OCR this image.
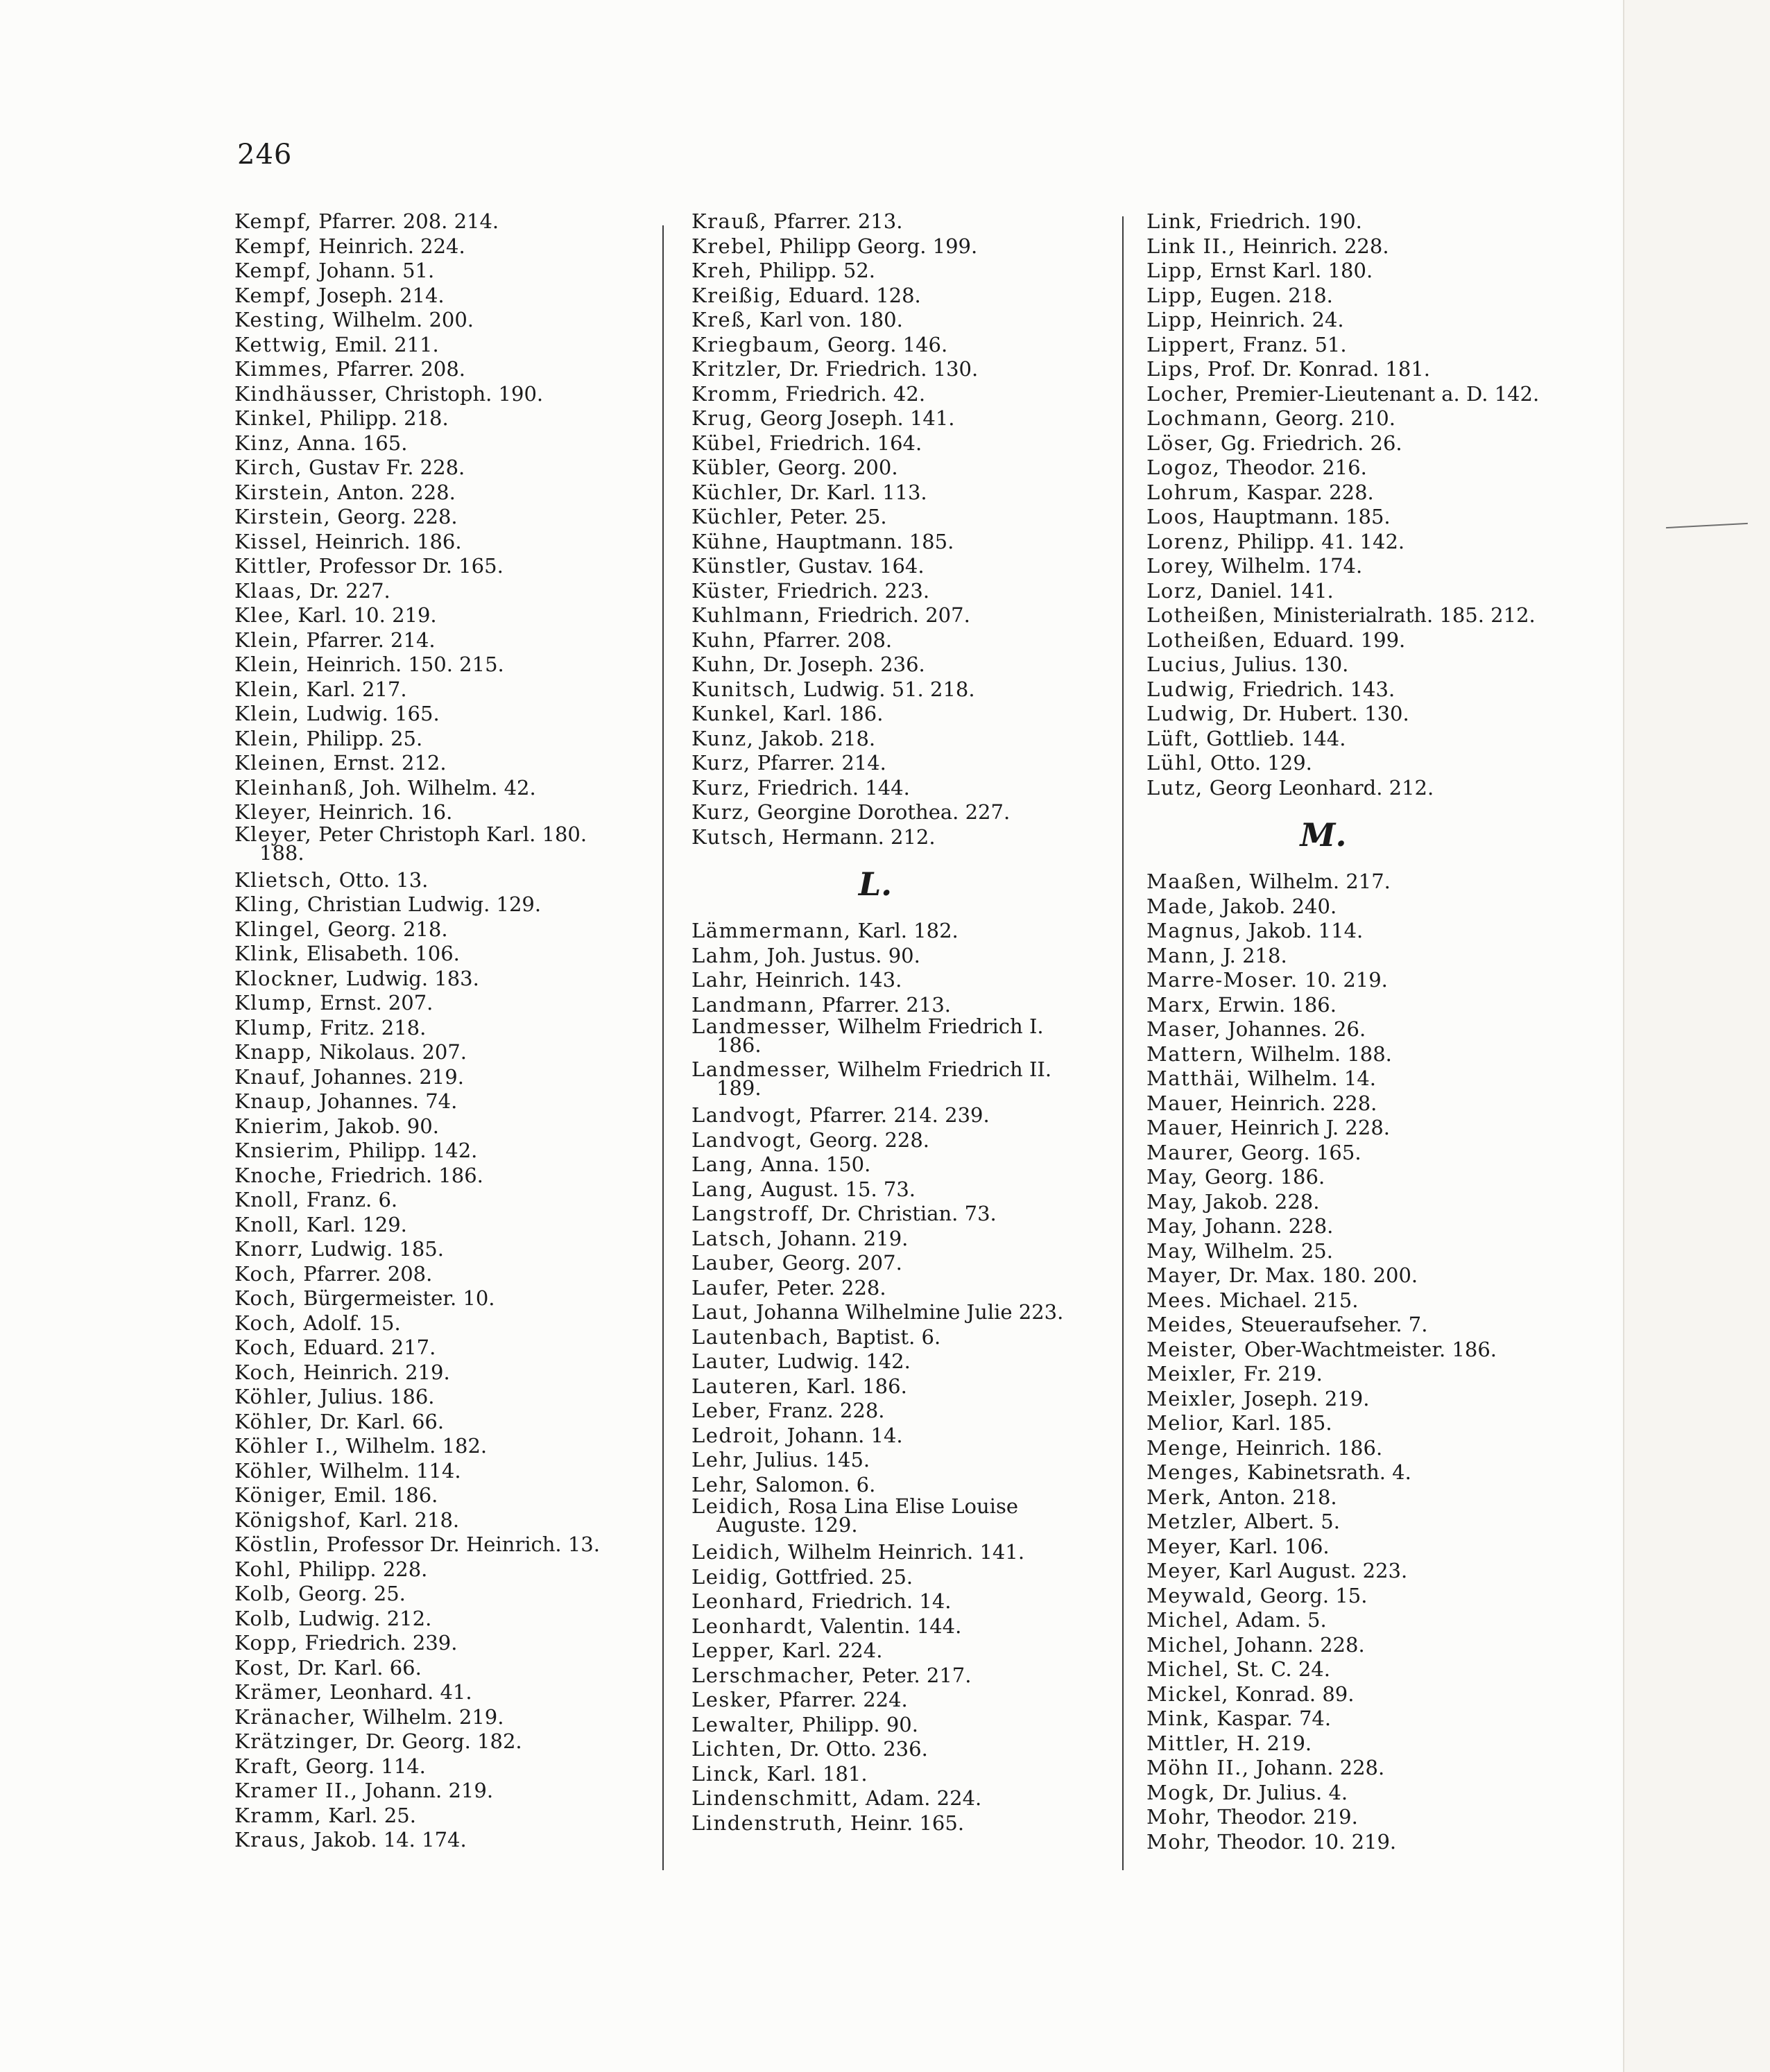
246
Kempf, Pfarrer. 208. 214.
Kempf, Heinrich. 224.
Kempf, Johann. 51.
Kempf, Joseph. 214.
Kesting, Wilhelm. 200.
Kettwig, Emil. 211.
Kimmes, Pfarrer. 208.
Kindhäusser, Christoph. 190.
Kinkel, Philipp. 218.
Kinz, Anna. 165.
Kirch, Gustav Fr. 228.
Kirstein, Anton. 228.
Kirstein, Georg. 228.
Kissel, Heinrich. 186.
Kittler, Professor Dr. 165.
Klaas, Dr. 227.
Klee, Karl. 10. 219.
Klein, Pfarrer. 214.
Klein, Heinrich. 150. 215.
Klein, Karl. 217.
Klein, Ludwig. 165.
Klein, Philipp. 25.
Kleinen, Ernst. 212.
Kleinhanß, Joh. Wilhelm. 42.
Kleyer, Heinrich. 16.
Kleyer, Peter Christoph Karl. 180.
188.
Klietsch, Otto. 13.
Kling, Christian Ludwig. 129.
Klingel, Georg. 218.
Klink, Elisabeth. 106.
Klockner, Ludwig. 183.
Klump, Ernst. 207.
Klump, Fritz. 218.
Knapp, Nikolaus. 207.
Knauf, Johannes. 219.
Knaup, Johannes. 74.
Knierim, Jakob. 90.
Knsierim, Philipp. 142.
Knoche, Friedrich. 186.
Knoll, Franz. 6.
Knoll, Karl. 129.
Knorr, Ludwig. 185.
Koch, Pfarrer. 208.
Koch, Bürgermeister. 10.
Koch, Adolf. 15.
Koch, Eduard. 217.
Koch, Heinrich. 219.
Köhler, Julius. 186.
Köhler, Dr. Karl. 66.
Köhler I., Wilhelm. 182.
Köhler, Wilhelm. 114.
Königer, Emil. 186.
Königshof, Karl. 218.
Köstlin, Professor Dr. Heinrich. 13.
Kohl, Philipp. 228.
Kolb, Georg. 25.
Kolb, Ludwig. 212.
Kopp, Friedrich. 239.
Kost, Dr. Karl. 66.
Krämer, Leonhard. 41.
Kränacher, Wilhelm. 219.
Krätzinger, Dr. Georg. 182.
Kraft, Georg. 114.
Kramer II., Johann. 219.
Kramm, Karl. 25.
Kraus, Jakob. 14. 174.
Krauß, Pfarrer. 213.
Krebel, Philipp Georg. 199.
Kreh, Philipp. 52.
Kreißig, Eduard. 128.
Kreß, Karl von. 180.
Kriegbaum, Georg. 146.
Kritzler, Dr. Friedrich. 130.
Kromm, Friedrich. 42.
Krug, Georg Joseph. 141.
Kübel, Friedrich. 164.
Kübler, Georg. 200.
Küchler, Dr. Karl. 113.
Küchler, Peter. 25.
Kühne, Hauptmann. 185.
Künstler, Gustav. 164.
Küster, Friedrich. 223.
Kuhlmann, Friedrich. 207.
Kuhn, Pfarrer. 208.
Kuhn, Dr. Joseph. 236.
Kunitsch, Ludwig. 51. 218.
Kunkel, Karl. 186.
Kunz, Jakob. 218.
Kurz, Pfarrer. 214.
Kurz, Friedrich. 144.
Kurz, Georgine Dorothea. 227.
Kutsch, Hermann. 212.
L.
Lämmermann, Karl. 182.
Lahm, Joh. Justus. 90.
Lahr, Heinrich. 143.
Landmann, Pfarrer. 213.
Landmesser, Wilhelm Friedrich I.
186.
Landmesser, Wilhelm Friedrich II.
189.
Landvogt, Pfarrer. 214. 239.
Landvogt, Georg. 228.
Lang, Anna. 150.
Lang, August. 15. 73.
Langstroff, Dr. Christian. 73.
Latsch, Johann. 219.
Lauber, Georg. 207.
Laufer, Peter. 228.
Laut, Johanna Wilhelmine Julie 223.
Lautenbach, Baptist. 6.
Lauter, Ludwig. 142.
Lauteren, Karl. 186.
Leber, Franz. 228.
Ledroit, Johann. 14.
Lehr, Julius. 145.
Lehr, Salomon. 6.
Leidich, Rosa Lina Elise Louise
Auguste. 129.
Leidich, Wilhelm Heinrich. 141.
Leidig, Gottfried. 25.
Leonhard, Friedrich. 14.
Leonhardt, Valentin. 144.
Lepper, Karl. 224.
Lerschmacher, Peter. 217.
Lesker, Pfarrer. 224.
Lewalter, Philipp. 90.
Lichten, Dr. Otto. 236.
Linck, Karl. 181.
Lindenschmitt, Adam. 224.
Lindenstruth, Heinr. 165.
Link, Friedrich. 190.
Link II., Heinrich. 228.
Lipp, Ernst Karl. 180.
Lipp, Eugen. 218.
Lipp, Heinrich. 24.
Lippert, Franz. 51.
Lips, Prof. Dr. Konrad. 181.
Locher, Premier-Lieutenant a. D. 142.
Lochmann, Georg. 210.
Löser, Gg. Friedrich. 26.
Logoz, Theodor. 216.
Lohrum, Kaspar. 228.
Loos, Hauptmann. 185.
Lorenz, Philipp. 41. 142.
Lorey, Wilhelm. 174.
Lorz, Daniel. 141.
Lotheißen, Ministerialrath. 185. 212.
Lotheißen, Eduard. 199.
Lucius, Julius. 130.
Ludwig, Friedrich. 143.
Ludwig, Dr. Hubert. 130.
Lüft, Gottlieb. 144.
Lühl, Otto. 129.
Lutz, Georg Leonhard. 212.
M.
Maaßen, Wilhelm. 217.
Made, Jakob. 240.
Magnus, Jakob. 114.
Mann, J. 218.
Marre-Moser. 10. 219.
Marx, Erwin. 186.
Maser, Johannes. 26.
Mattern, Wilhelm. 188.
Matthäi, Wilhelm. 14.
Mauer, Heinrich. 228.
Mauer, Heinrich J. 228.
Maurer, Georg. 165.
May, Georg. 186.
May, Jakob. 228.
May, Johann. 228.
May, Wilhelm. 25.
Mayer, Dr. Max. 180. 200.
Mees. Michael. 215.
Meides, Steueraufseher. 7.
Meister, Ober-Wachtmeister. 186.
Meixler, Fr. 219.
Meixler, Joseph. 219.
Melior, Karl. 185.
Menge, Heinrich. 186.
Menges, Kabinetsrath. 4.
Merk, Anton. 218.
Metzler, Albert. 5.
Meyer, Karl. 106.
Meyer, Karl August. 223.
Meywald, Georg. 15.
Michel, Adam. 5.
Michel, Johann. 228.
Michel, St. C. 24.
Mickel, Konrad. 89.
Mink, Kaspar. 74.
Mittler, H. 219.
Möhn II., Johann. 228.
Mogk, Dr. Julius. 4.
Mohr, Theodor. 219.
Mohr, Theodor. 10. 219.
